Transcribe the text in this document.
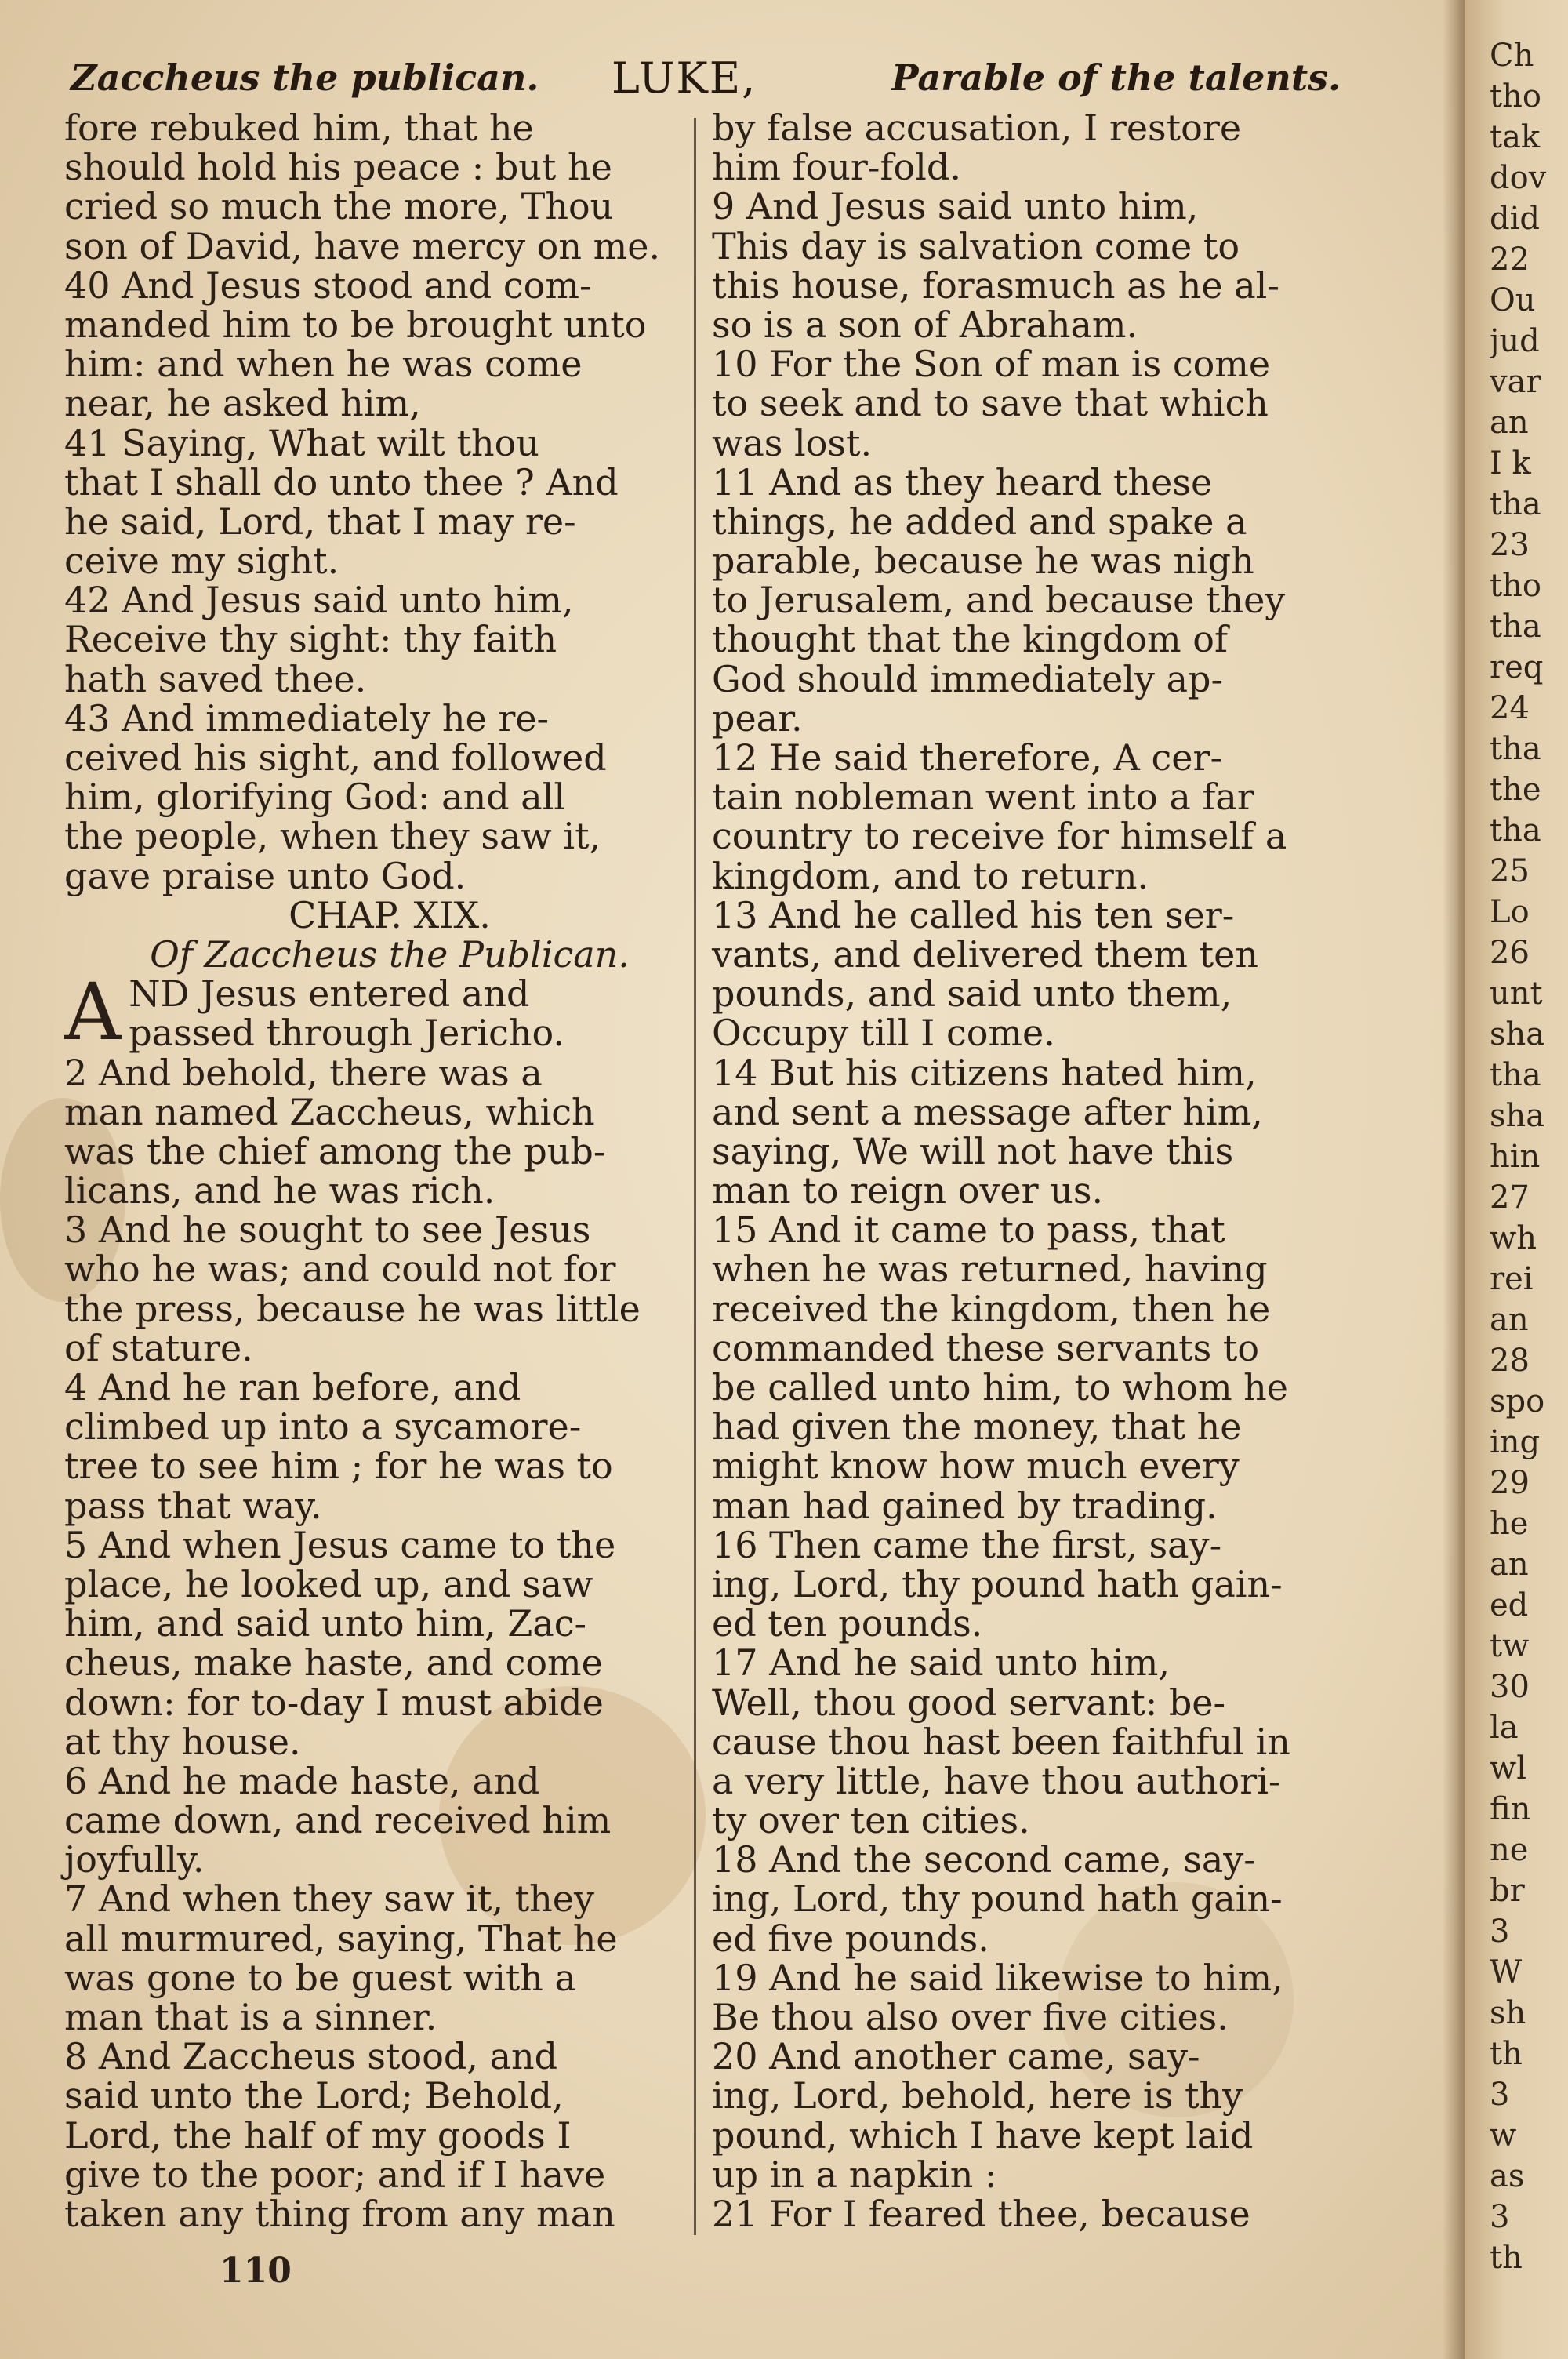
Ch
tho
tak
dov
did
22
Ou
jud
var
an
I k
tha
23
tho
tha
req
24
tha
the
tha
25
Lo
26
unt
sha
tha
sha
hin
27
wh
rei
an
28
spo
ing
29
he
an
ed
tw
30
la
wl
fin
ne
br
3
W
sh
th
3
w
as
3
th
Zaccheus the publican. LUKE,	Parable of the talents.
fore rebuked him, that he
should hold his peace : but he
cried so much the more, Thou
son of David, have mercy on me.
40 And Jesus stood and com-
manded him to be brought unto
him: and when he was come
near, he asked him,
41 Saying, What wilt thou
that I shall do unto thee ? And
he said, Lord, that I may re-
ceive my sight.
42 And Jesus said unto him,
Receive thy sight: thy faith
hath saved thee.
43 And immediately he re-
ceived his sight, and followed
him, glorifying God: and all
the people, when they saw it,
gave praise unto God.
CHAP. XIX.
Of Zaccheus the Publican.
A ND Jesus entered and
passed through Jericho.
2 And behold, there was a
man named Zaccheus, which
was the chief among the pub-
licans, and he was rich.
3 And he sought to see Jesus
who he was; and could not for
the press, because he was little
of stature.
4 And he ran before, and
climbed up into a sycamore-
tree to see him ; for he was to
pass that way.
5 And when Jesus came to the
place, he looked up, and saw
him, and said unto him, Zac-
cheus, make haste, and come
down: for to-day I must abide
at thy house.
6 And he made haste, and
came down, and received him
joyfully.
7 And when they saw it, they
all murmured, saying, That he
was gone to be guest with a
man that is a sinner.
8 And Zaccheus stood, and
said unto the Lord; Behold,
Lord, the half of my goods I
give to the poor; and if I have
taken any thing from any man
by false accusation, I restore
him four-fold.
9 And Jesus said unto him,
This day is salvation come to
this house, forasmuch as he al-
so is a son of Abraham.
10 For the Son of man is come
to seek and to save that which
was lost.
11 And as they heard these
things, he added and spake a
parable, because he was nigh
to Jerusalem, and because they
thought that the kingdom of
God should immediately ap-
pear.
12 He said therefore, A cer-
tain nobleman went into a far
country to receive for himself a
kingdom, and to return.
13 And he called his ten ser-
vants, and delivered them ten
pounds, and said unto them,
Occupy till I come.
14 But his citizens hated him,
and sent a message after him,
saying, We will not have this
man to reign over us.
15 And it came to pass, that
when he was returned, having
received the kingdom, then he
commanded these servants to
be called unto him, to whom he
had given the money, that he
might know how much every
man had gained by trading.
16 Then came the first, say-
ing, Lord, thy pound hath gain-
ed ten pounds.
17 And he said unto him,
Well, thou good servant: be-
cause thou hast been faithful in
a very little, have thou authori-
ty over ten cities.
18 And the second came, say-
ing, Lord, thy pound hath gain-
ed five pounds.
19 And he said likewise to him,
Be thou also over five cities.
20 And another came, say-
ing, Lord, behold, here is thy
pound, which I have kept laid
up in a napkin :
21 For I feared thee, because
110
